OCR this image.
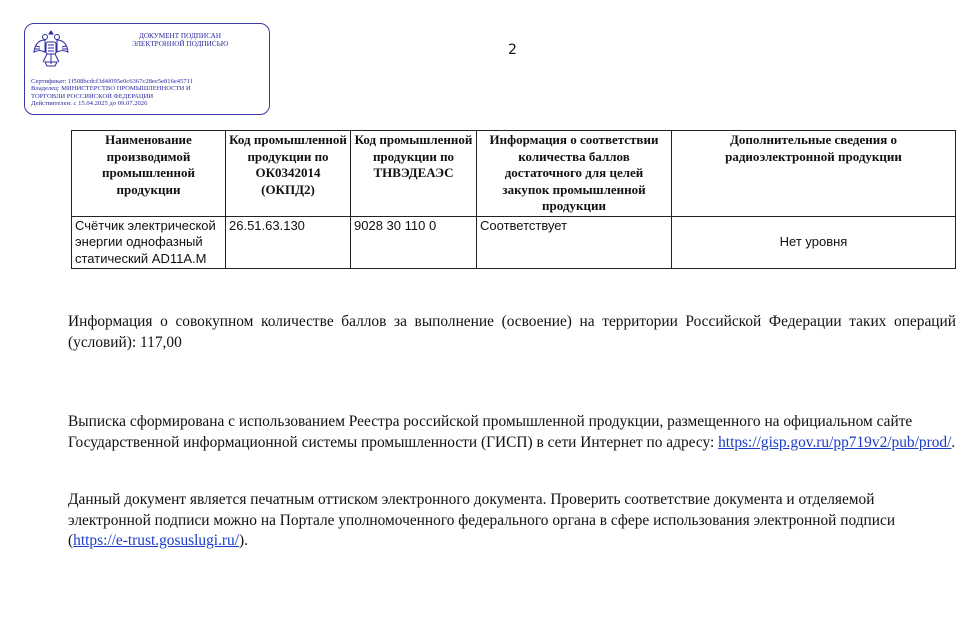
ДОКУМЕНТ ПОДПИСАН
ЭЛЕКТРОННОЙ ПОДПИСЬЮ
Сертификат: 1f508bcdcf3d4f095e0c6367c28ee5e816e45711
Владелец: МИНИСТЕРСТВО ПРОМЫШЛЕННОСТИ И
ТОРГОВЛИ РОССИЙСКОЙ ФЕДЕРАЦИИ
Действителен: с 15.04.2025 до 09.07.2026
2
Наименование производимой промышленной продукции	Код промышленной продукции по ОК0342014 (ОКПД2)	Код промышленной продукции по ТНВЭДЕАЭС	Информация о соответствии количества баллов достаточного для целей закупок промышленной продукции	Дополнительные сведения о радиоэлектронной продукции
Счётчик электрической энергии однофазный статический AD11A.M	26.51.63.130	9028 30 110 0	Соответствует	Нет уровня

Информация о совокупном количестве баллов за выполнение (освоение) на территории Российской Федерации таких операций (условий): 117,00

Выписка сформирована с использованием Реестра российской промышленной продукции, размещенного на официальном сайте Государственной информационной системы промышленности (ГИСП) в сети Интернет по адресу: https://gisp.gov.ru/pp719v2/pub/prod/.

Данный документ является печатным оттиском электронного документа. Проверить соответствие документа и отделяемой электронной подписи можно на Портале уполномоченного федерального органа в сфере использования электронной подписи (https://e-trust.gosuslugi.ru/).
